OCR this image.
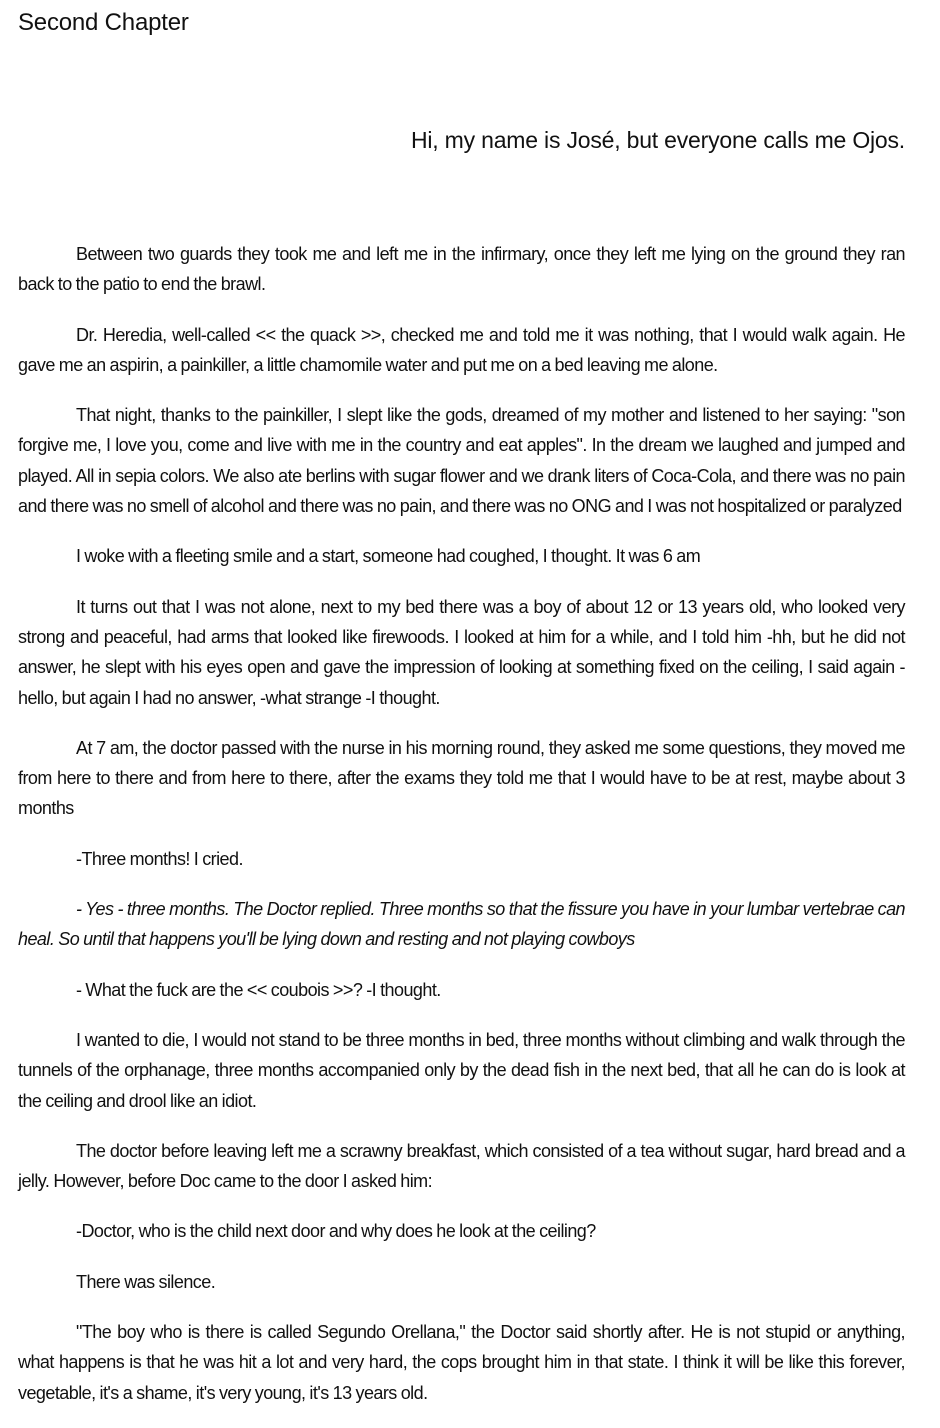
Second Chapter
Hi, my name is José, but everyone calls me Ojos.

Between two guards they took me and left me in the infirmary, once they left me lying on the ground they ran back to the patio to end the brawl.

Dr. Heredia, well-called << the quack >>, checked me and told me it was nothing, that I would walk again. He gave me an aspirin, a painkiller, a little chamomile water and put me on a bed leaving me alone.

That night, thanks to the painkiller, I slept like the gods, dreamed of my mother and listened to her saying: "son forgive me, I love you, come and live with me in the country and eat apples". In the dream we laughed and jumped and played. All in sepia colors. We also ate berlins with sugar flower and we drank liters of Coca-Cola, and there was no pain and there was no smell of alcohol and there was no pain, and there was no ONG and I was not hospitalized or paralyzed

I woke with a fleeting smile and a start, someone had coughed, I thought. It was 6 am

It turns out that I was not alone, next to my bed there was a boy of about 12 or 13 years old, who looked very strong and peaceful, had arms that looked like firewoods. I looked at him for a while, and I told him -hh, but he did not answer, he slept with his eyes open and gave the impression of looking at something fixed on the ceiling, I said again -hello, but again I had no answer, -what strange -I thought.

At 7 am, the doctor passed with the nurse in his morning round, they asked me some questions, they moved me from here to there and from here to there, after the exams they told me that I would have to be at rest, maybe about 3 months

-Three months! I cried.

- Yes - three months. The Doctor replied. Three months so that the fissure you have in your lumbar vertebrae can heal. So until that happens you'll be lying down and resting and not playing cowboys

- What the fuck are the << coubois >>? -I thought.

I wanted to die, I would not stand to be three months in bed, three months without climbing and walk through the tunnels of the orphanage, three months accompanied only by the dead fish in the next bed, that all he can do is look at the ceiling and drool like an idiot.

The doctor before leaving left me a scrawny breakfast, which consisted of a tea without sugar, hard bread and a jelly. However, before Doc came to the door I asked him:

-Doctor, who is the child next door and why does he look at the ceiling?

There was silence.

"The boy who is there is called Segundo Orellana," the Doctor said shortly after. He is not stupid or anything, what happens is that he was hit a lot and very hard, the cops brought him in that state. I think it will be like this forever, vegetable, it's a shame, it's very young, it's 13 years old.
